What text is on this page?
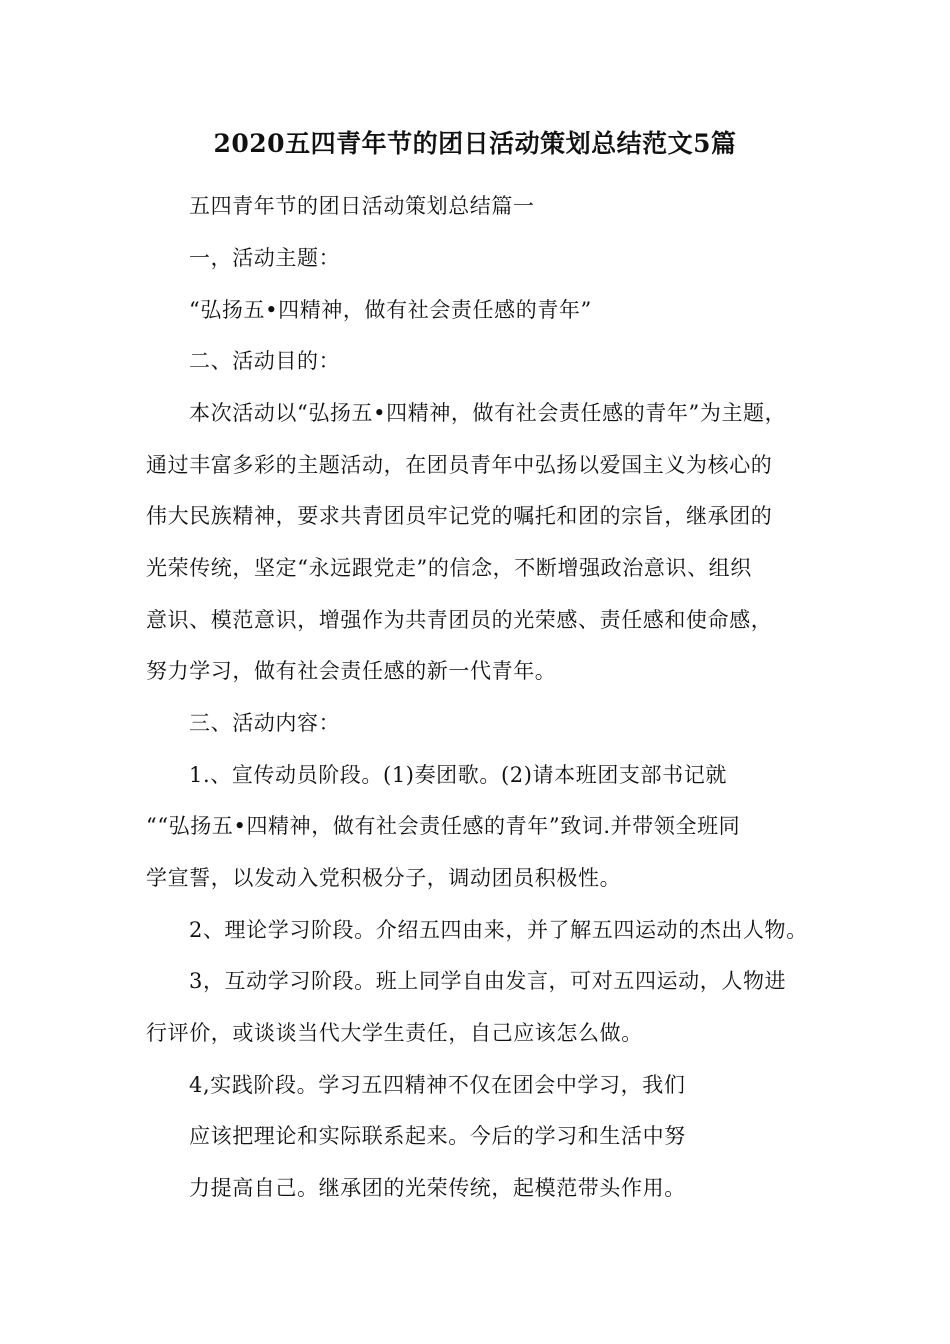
2020五四青年节的团日活动策划总结范文5篇
五四青年节的团日活动策划总结篇一
一，活动主题：
“弘扬五•四精神，做有社会责任感的青年”
二、活动目的：
本次活动以“弘扬五•四精神，做有社会责任感的青年”为主题，
通过丰富多彩的主题活动，在团员青年中弘扬以爱国主义为核心的
伟大民族精神，要求共青团员牢记党的嘱托和团的宗旨，继承团的
光荣传统，坚定“永远跟党走”的信念，不断增强政治意识、组织
意识、模范意识，增强作为共青团员的光荣感、责任感和使命感，
努力学习，做有社会责任感的新一代青年。
三、活动内容：
1.、宣传动员阶段。(1)奏团歌。(2)请本班团支部书记就
““弘扬五•四精神，做有社会责任感的青年”致词.并带领全班同
学宣誓，以发动入党积极分子，调动团员积极性。
2、理论学习阶段。介绍五四由来，并了解五四运动的杰出人物。
3，互动学习阶段。班上同学自由发言，可对五四运动，人物进
行评价，或谈谈当代大学生责任，自己应该怎么做。
4,实践阶段。学习五四精神不仅在团会中学习，我们
应该把理论和实际联系起来。今后的学习和生活中努
力提高自己。继承团的光荣传统，起模范带头作用。
